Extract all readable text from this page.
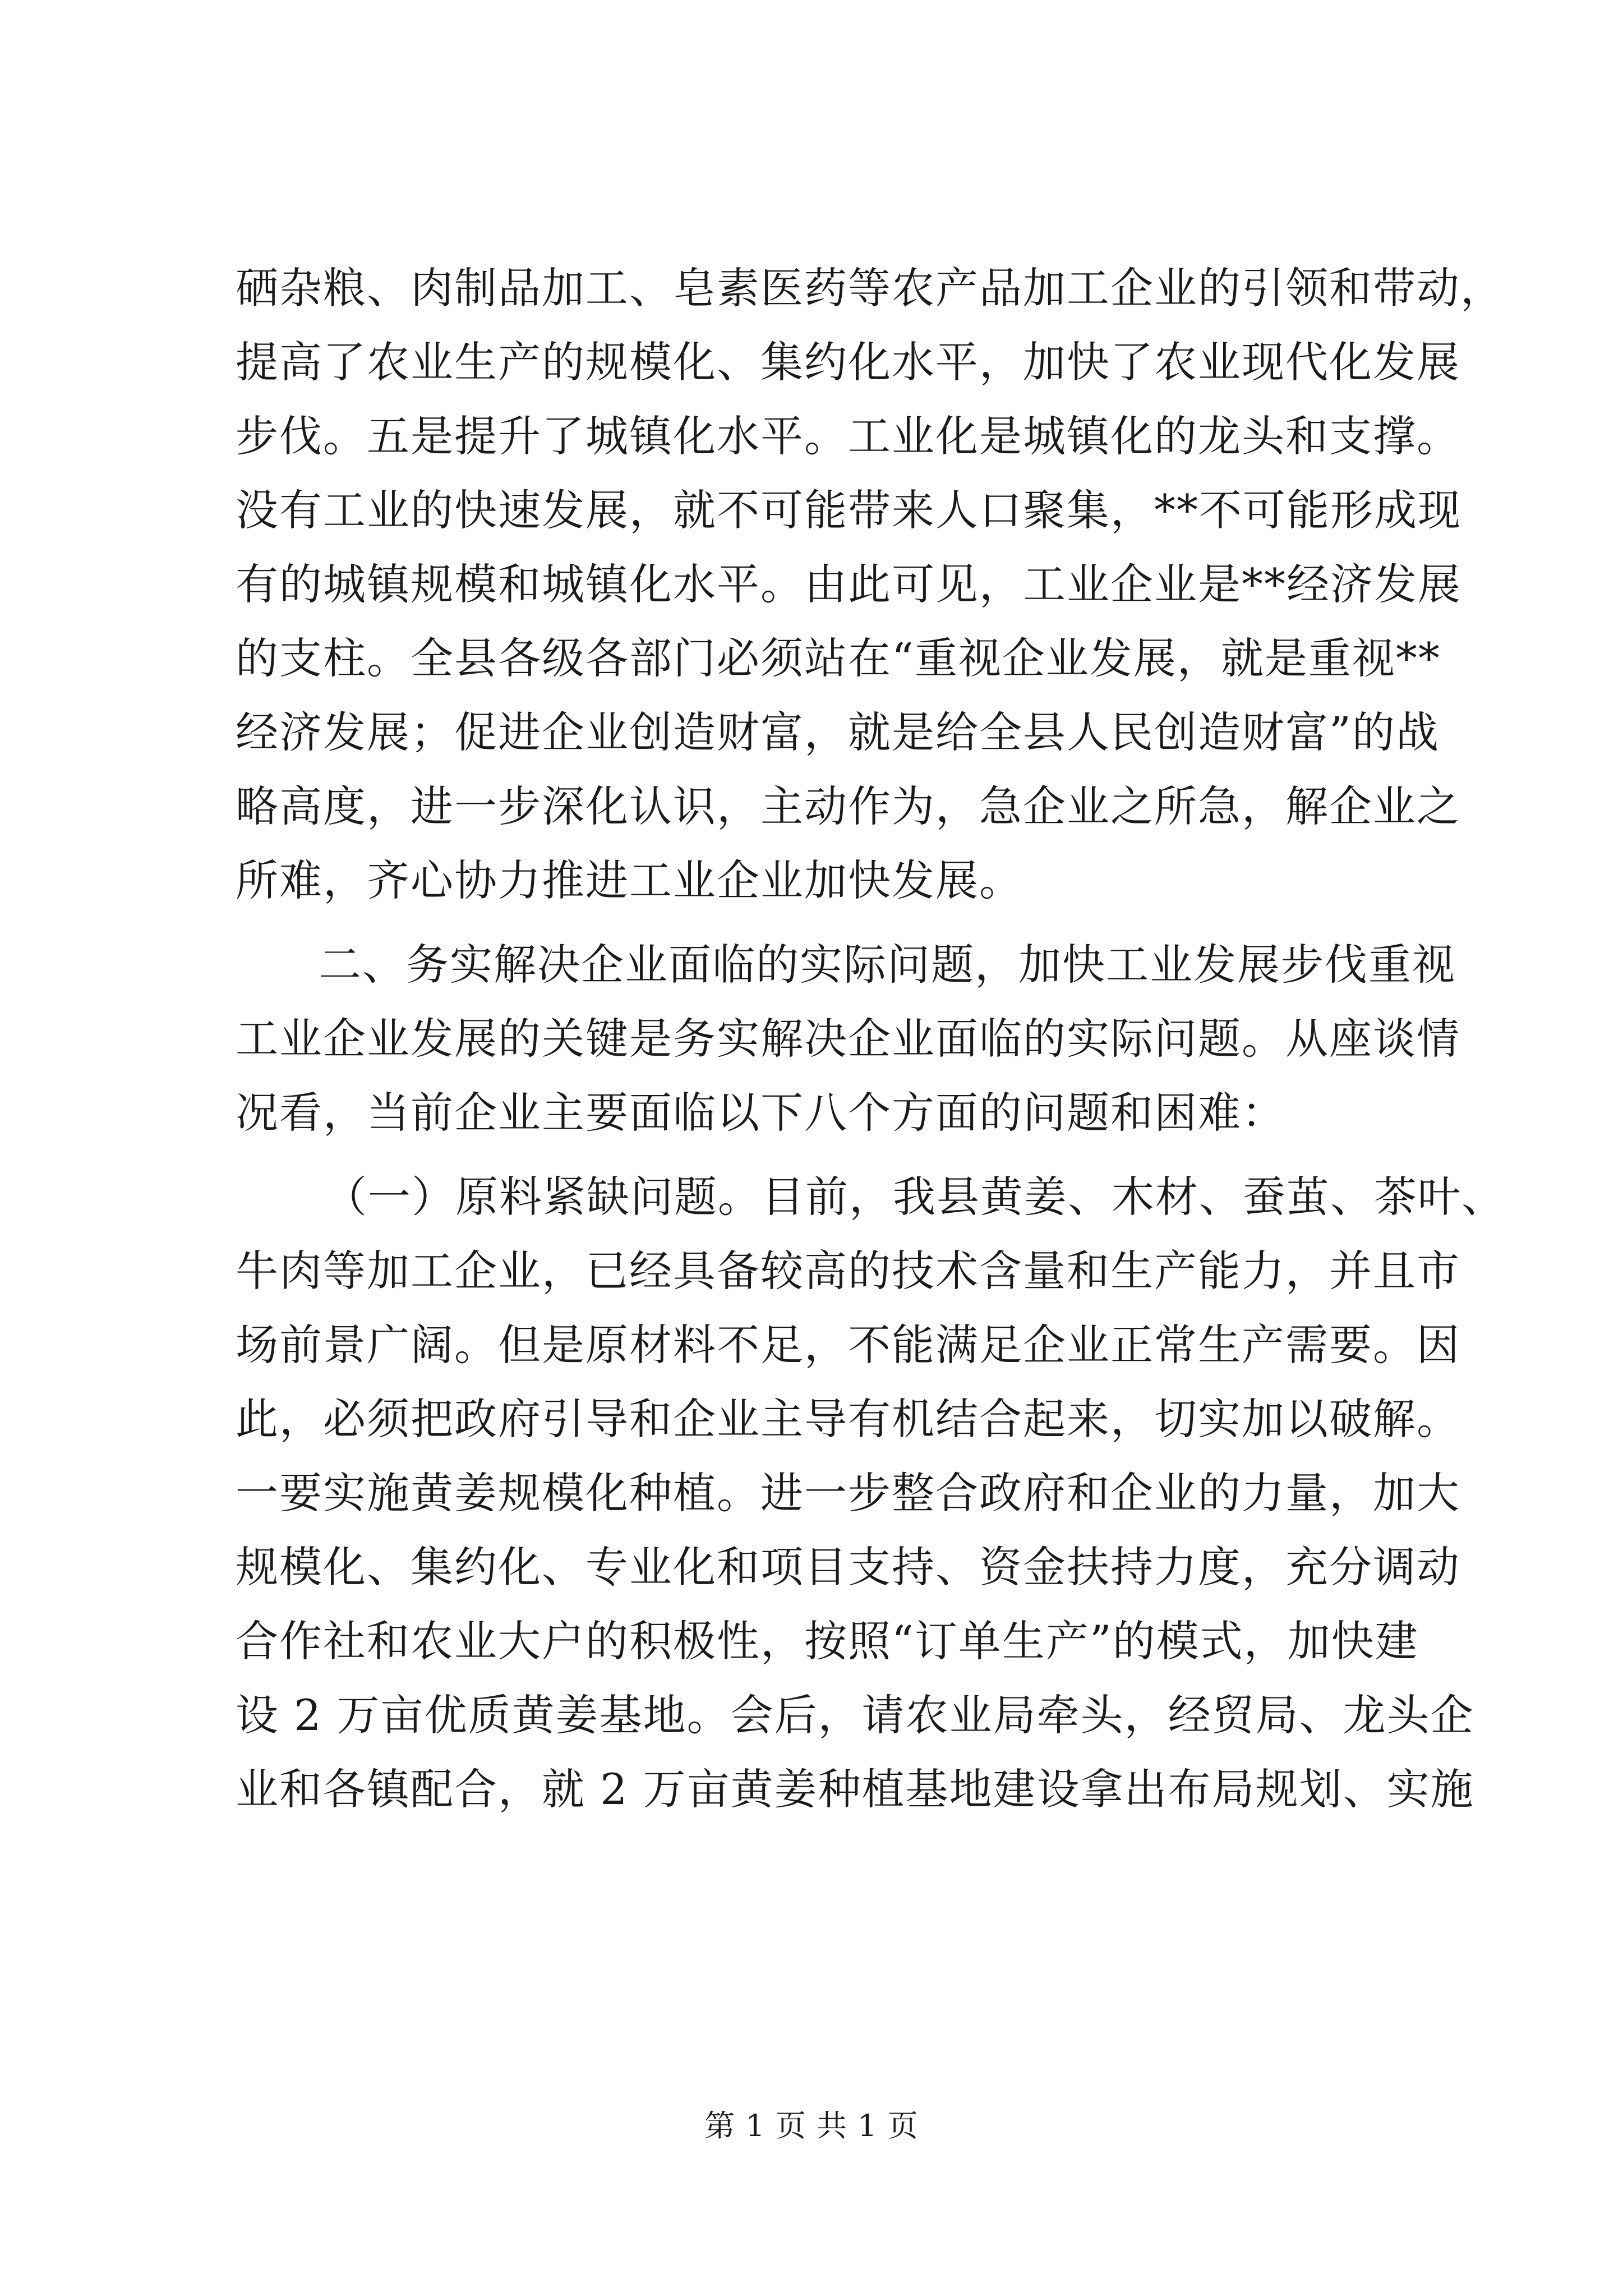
硒杂粮、肉制品加工、皂素医药等农产品加工企业的引领和带动，
提高了农业生产的规模化、集约化水平，加快了农业现代化发展
步伐。五是提升了城镇化水平。工业化是城镇化的龙头和支撑。
没有工业的快速发展，就不可能带来人口聚集，**不可能形成现
有的城镇规模和城镇化水平。由此可见，工业企业是**经济发展
的支柱。全县各级各部门必须站在“重视企业发展，就是重视**
经济发展；促进企业创造财富，就是给全县人民创造财富”的战
略高度，进一步深化认识，主动作为，急企业之所急，解企业之
所难，齐心协力推进工业企业加快发展。
二、务实解决企业面临的实际问题，加快工业发展步伐重视
工业企业发展的关键是务实解决企业面临的实际问题。从座谈情
况看，当前企业主要面临以下八个方面的问题和困难：
（一）原料紧缺问题。目前，我县黄姜、木材、蚕茧、茶叶、
牛肉等加工企业，已经具备较高的技术含量和生产能力，并且市
场前景广阔。但是原材料不足，不能满足企业正常生产需要。因
此，必须把政府引导和企业主导有机结合起来，切实加以破解。
一要实施黄姜规模化种植。进一步整合政府和企业的力量，加大
规模化、集约化、专业化和项目支持、资金扶持力度，充分调动
合作社和农业大户的积极性，按照“订单生产”的模式，加快建
设 2 万亩优质黄姜基地。会后，请农业局牵头，经贸局、龙头企
业和各镇配合，就 2 万亩黄姜种植基地建设拿出布局规划、实施
第 1 页 共 1 页
